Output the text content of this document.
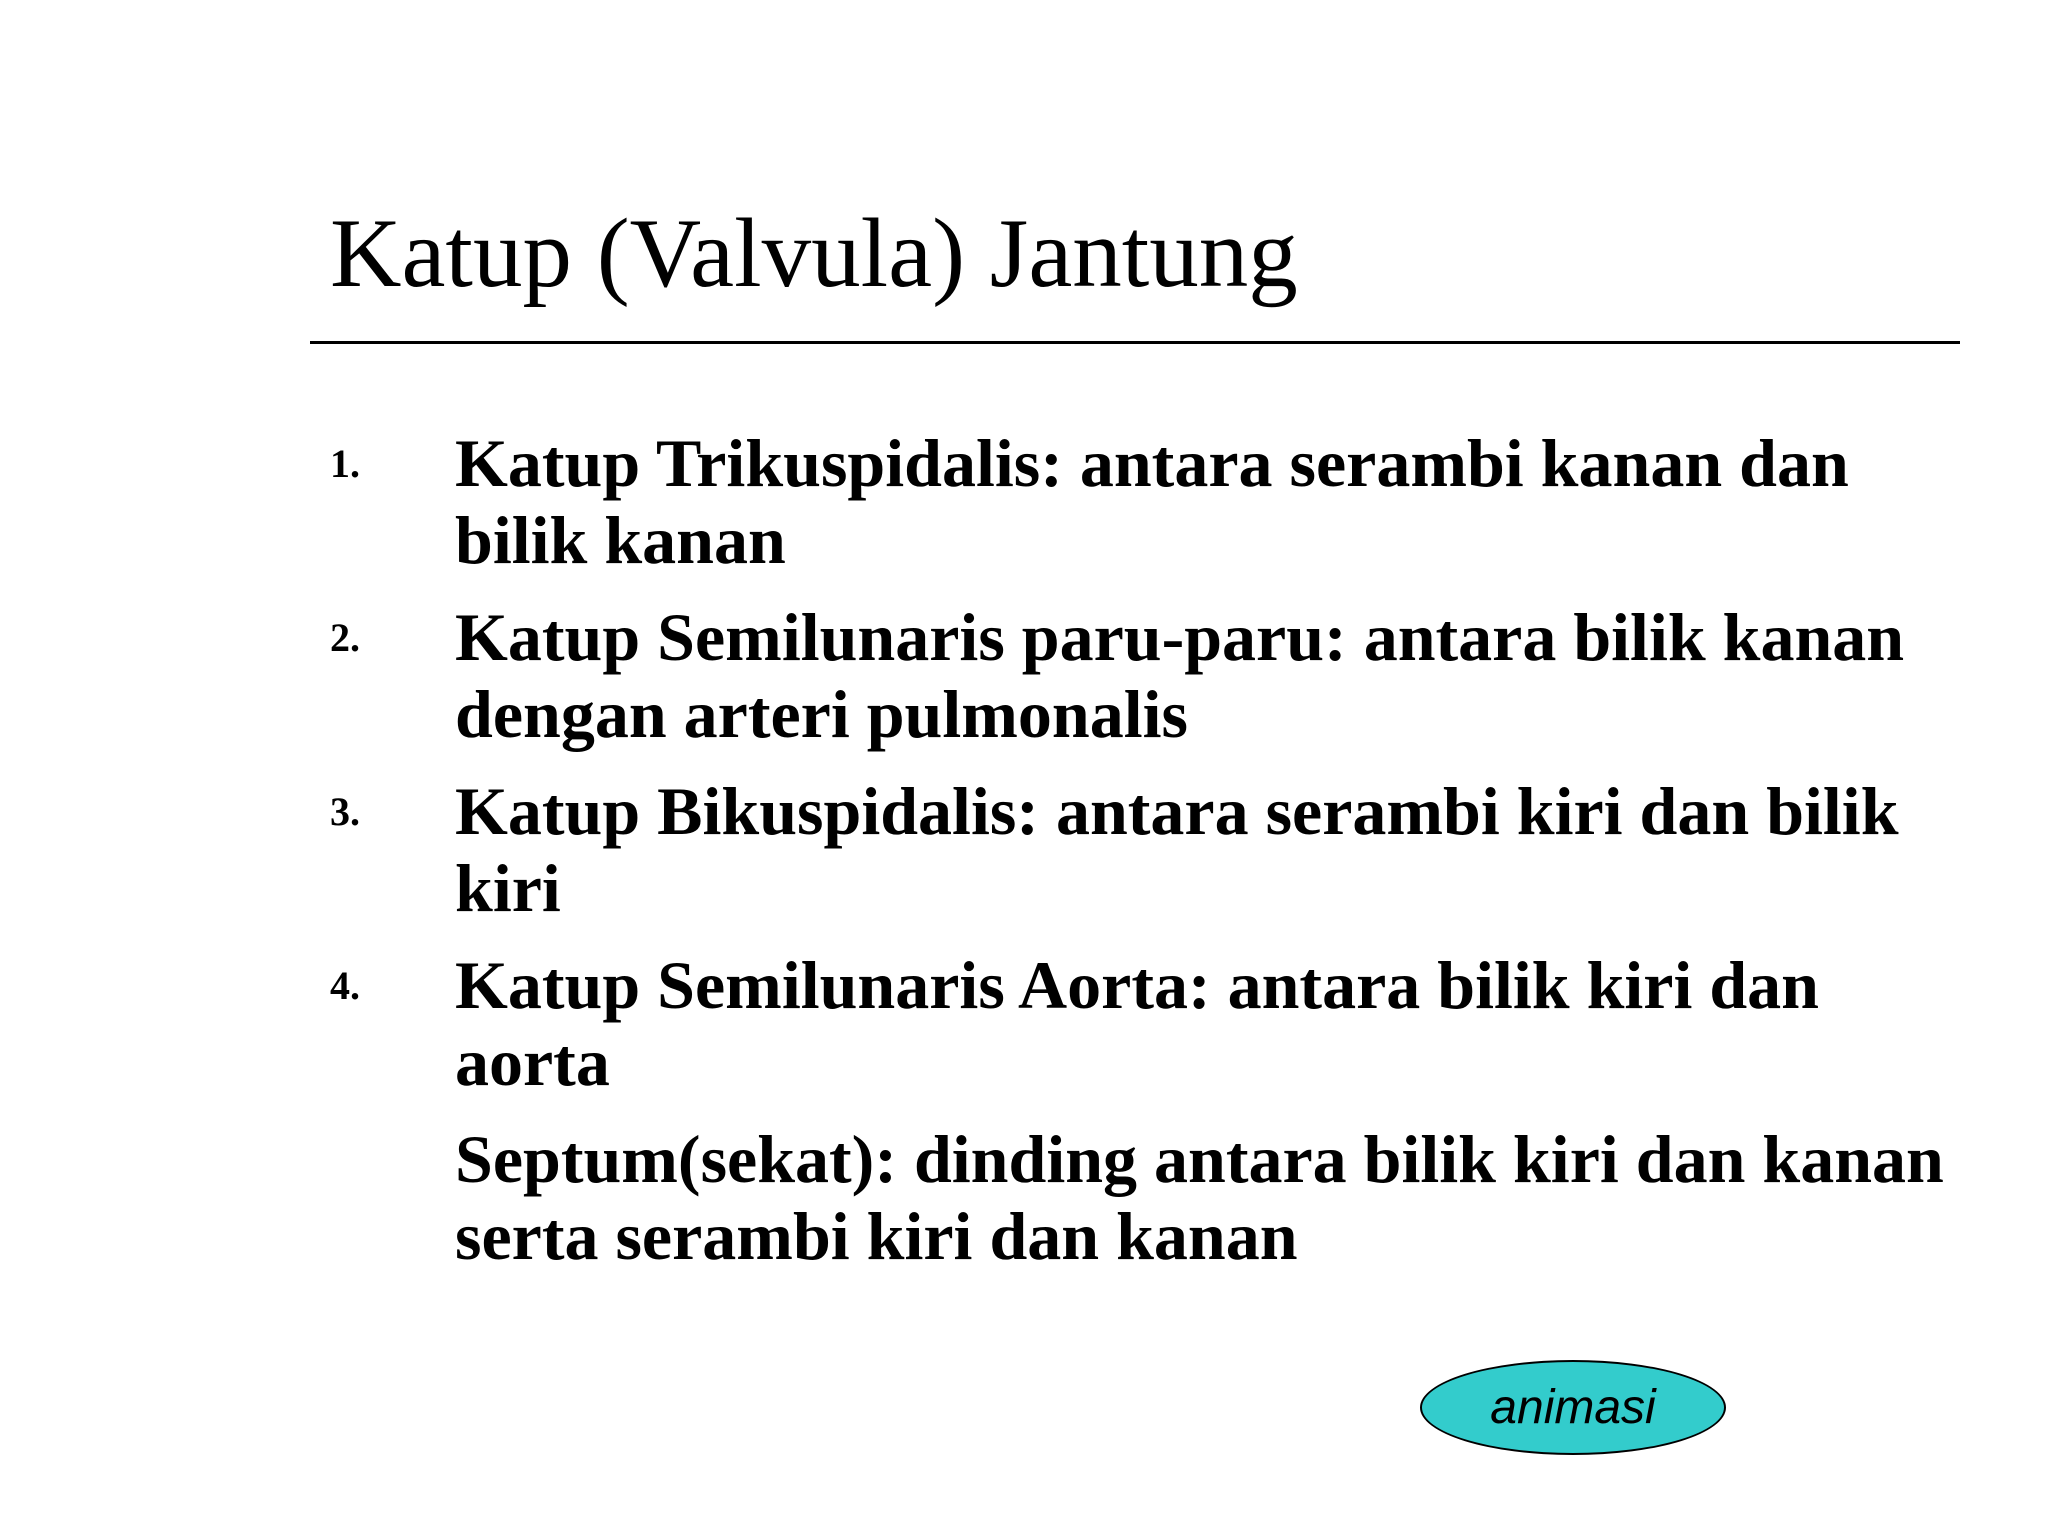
Katup (Valvula) Jantung
1. Katup Trikuspidalis: antara serambi kanan dan bilik kanan
2. Katup Semilunaris paru-paru: antara bilik kanan dengan arteri pulmonalis
3. Katup Bikuspidalis: antara serambi kiri dan bilik kiri
4. Katup Semilunaris Aorta: antara bilik kiri dan aorta
Septum(sekat): dinding antara bilik kiri dan kanan serta serambi kiri dan kanan
animasi
